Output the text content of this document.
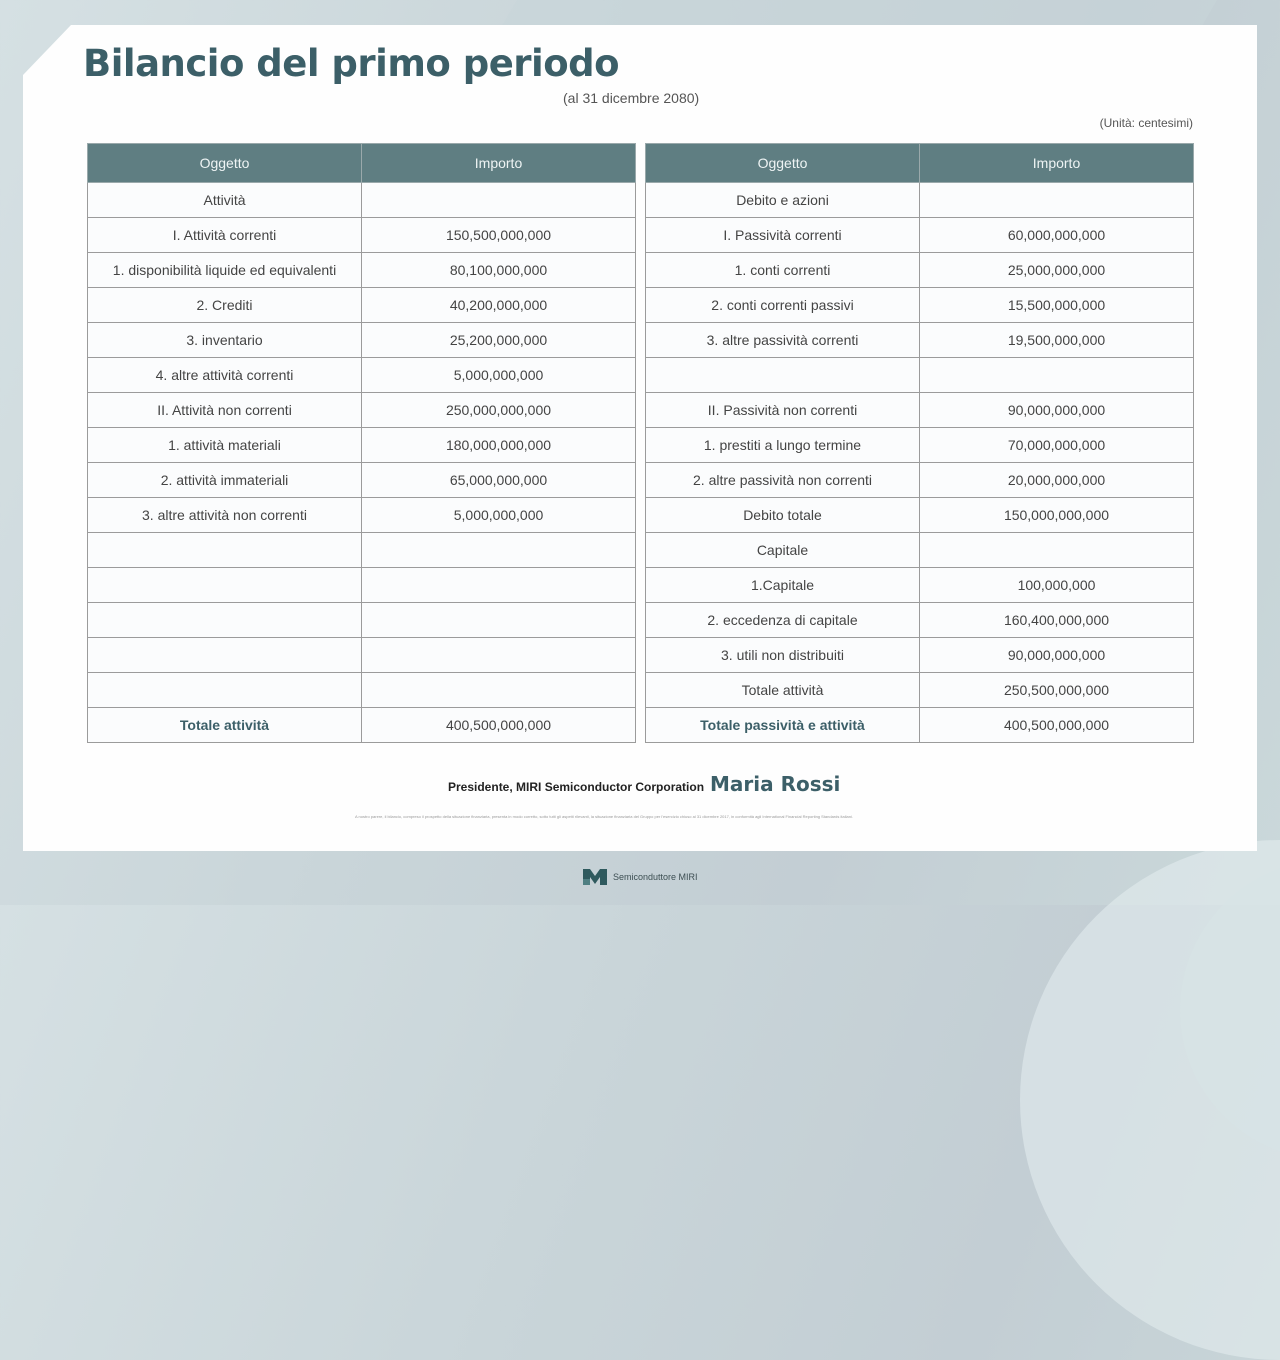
Bilancio del primo periodo
(al 31 dicembre 2080)
(Unità: centesimi)
Oggetto	Importo
Attività	
I. Attività correnti	150,500,000,000
1. disponibilità liquide ed equivalenti	80,100,000,000
2. Crediti	40,200,000,000
3. inventario	25,200,000,000
4. altre attività correnti	5,000,000,000
II. Attività non correnti	250,000,000,000
1. attività materiali	180,000,000,000
2. attività immateriali	65,000,000,000
3. altre attività non correnti	5,000,000,000

Totale attività	400,500,000,000
Oggetto	Importo
Debito e azioni	
I. Passività correnti	60,000,000,000
1. conti correnti	25,000,000,000
2. conti correnti passivi	15,500,000,000
3. altre passività correnti	19,500,000,000

II. Passività non correnti	90,000,000,000
1. prestiti a lungo termine	70,000,000,000
2. altre passività non correnti	20,000,000,000
Debito totale	150,000,000,000
Capitale	
1.Capitale	100,000,000
2. eccedenza di capitale	160,400,000,000
3. utili non distribuiti	90,000,000,000
Totale attività	250,500,000,000
Totale passività e attività	400,500,000,000
Presidente, MIRI Semiconductor Corporation Maria Rossi
A nostro parere, il bilancio, compreso il prospetto della situazione finanziaria, presenta in modo corretto, sotto tutti gli aspetti rilevanti, la situazione finanziaria del Gruppo per l'esercizio chiuso al 31 dicembre 2017, in conformità agli International Financial Reporting Standards italiani.
Semiconduttore MIRI
